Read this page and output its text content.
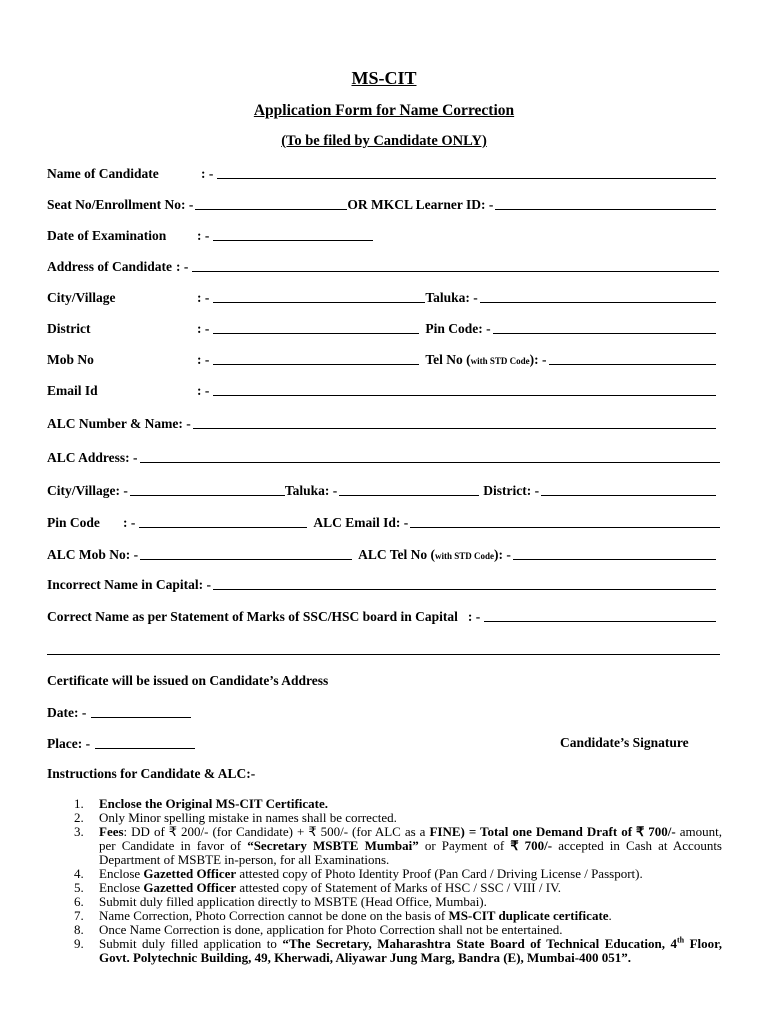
MS-CIT
Application Form for Name Correction
(To be filed by Candidate ONLY)
Name of Candidate	: -
Seat No/Enrollment No: -	OR MKCL Learner ID: -
Date of Examination	: -
Address of Candidate : -
City/Village	: -	Taluka: -
District	: -	Pin Code: -
Mob No	: -	Tel No (with STD Code): -
Email Id	: -
ALC Number & Name: -
ALC Address: -
City/Village: -	Taluka: -	District: -
Pin Code	: -	ALC Email Id: -
ALC Mob No: -	ALC Tel No (with STD Code): -
Incorrect Name in Capital: -
Correct Name as per Statement of Marks of SSC/HSC board in Capital : -
Certificate will be issued on Candidate’s Address
Date: -
Place: -	Candidate’s Signature
Instructions for Candidate & ALC:-
1. Enclose the Original MS-CIT Certificate.
2. Only Minor spelling mistake in names shall be corrected.
3. Fees: DD of ₹ 200/- (for Candidate) + ₹ 500/- (for ALC as a FINE) = Total one Demand Draft of ₹ 700/- amount, per Candidate in favor of “Secretary MSBTE Mumbai” or Payment of ₹ 700/- accepted in Cash at Accounts Department of MSBTE in-person, for all Examinations.
4. Enclose Gazetted Officer attested copy of Photo Identity Proof (Pan Card / Driving License / Passport).
5. Enclose Gazetted Officer attested copy of Statement of Marks of HSC / SSC / VIII / IV.
6. Submit duly filled application directly to MSBTE (Head Office, Mumbai).
7. Name Correction, Photo Correction cannot be done on the basis of MS-CIT duplicate certificate.
8. Once Name Correction is done, application for Photo Correction shall not be entertained.
9. Submit duly filled application to “The Secretary, Maharashtra State Board of Technical Education, 4th Floor, Govt. Polytechnic Building, 49, Kherwadi, Aliyawar Jung Marg, Bandra (E), Mumbai-400 051”.
